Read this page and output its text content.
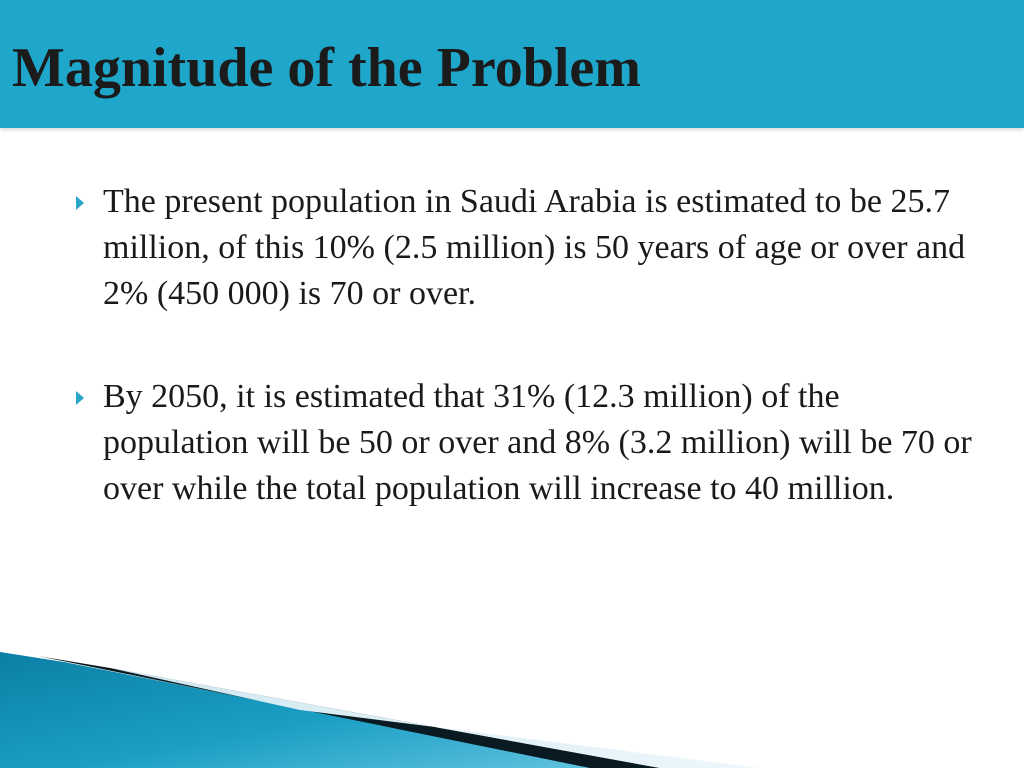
Magnitude of the Problem
The present population in Saudi Arabia is estimated to be 25.7 million, of this 10% (2.5 million) is 50 years of age or over and 2% (450 000) is 70 or over.
By 2050, it is estimated that 31% (12.3 million) of the population will be 50 or over and 8% (3.2 million) will be 70 or over while the total population will increase to 40 million.
